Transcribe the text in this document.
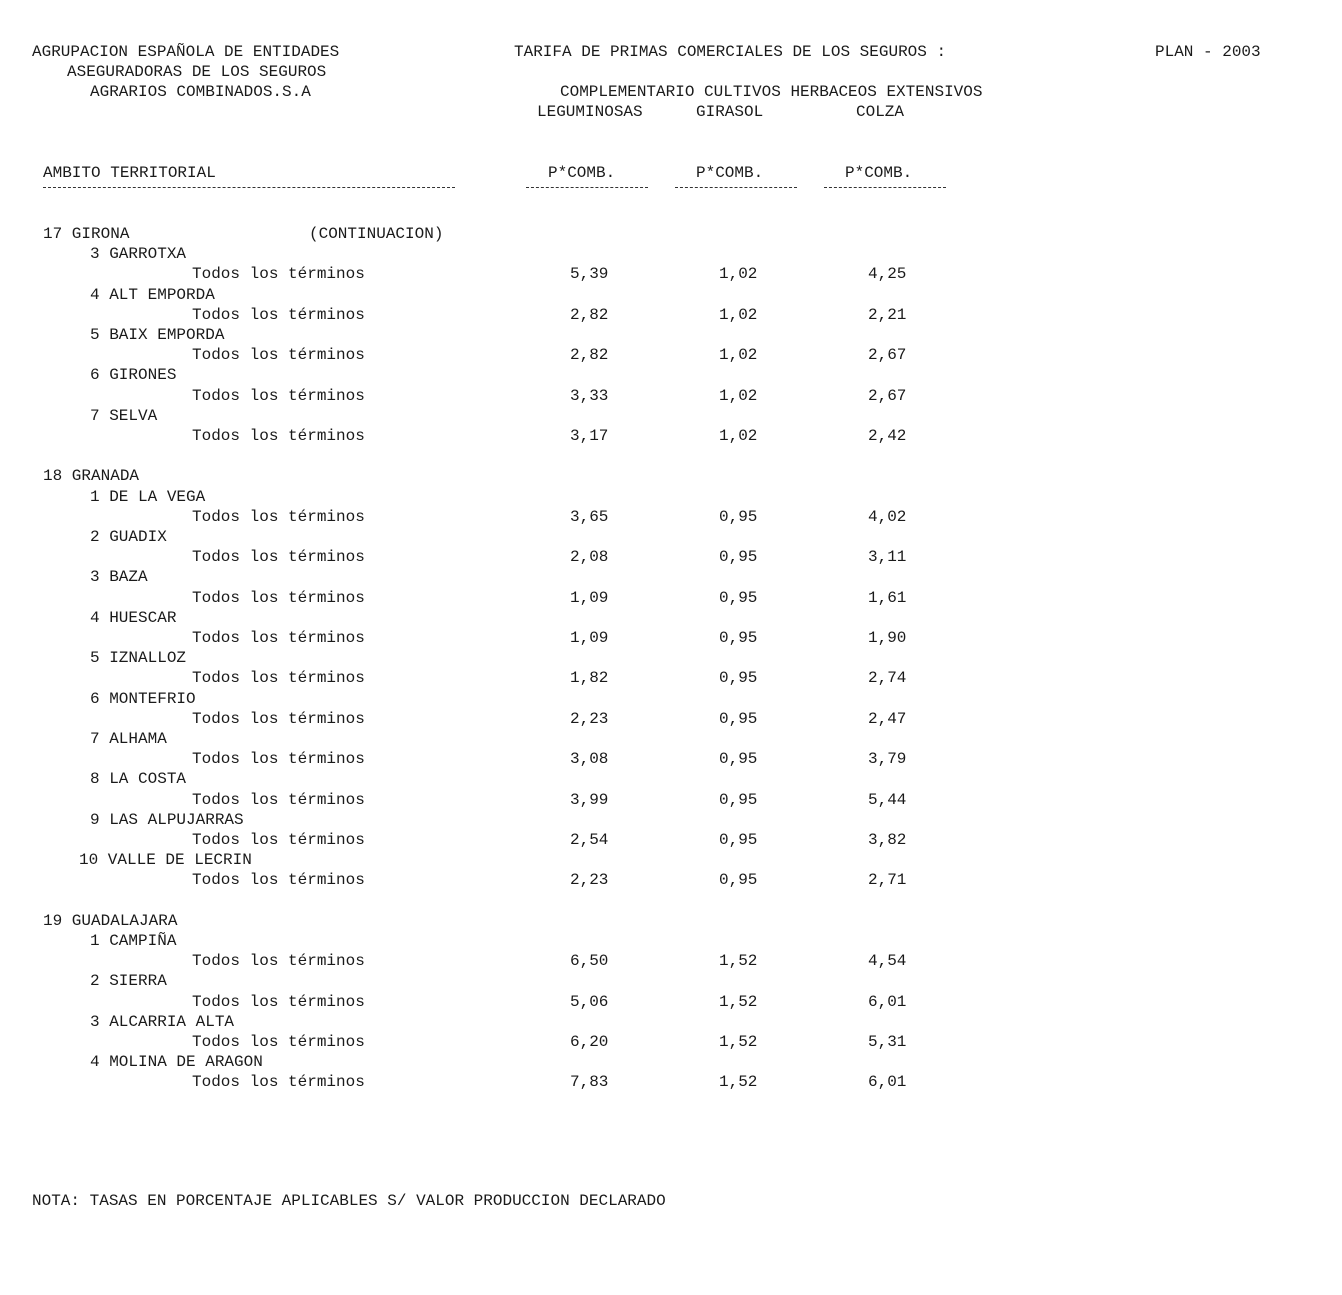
AGRUPACION ESPAÑOLA DE ENTIDADES
ASEGURADORAS DE LOS SEGUROS
AGRARIOS COMBINADOS.S.A
TARIFA DE PRIMAS COMERCIALES DE LOS SEGUROS :
COMPLEMENTARIO CULTIVOS HERBACEOS EXTENSIVOS
PLAN - 2003
LEGUMINOSAS	GIRASOL	COLZA
AMBITO TERRITORIAL	P*COMB.	P*COMB.	P*COMB.
17 GIRONA	(CONTINUACION)
3 GARROTXA
Todos los términos	5,39	1,02	4,25
4 ALT EMPORDA
Todos los términos	2,82	1,02	2,21
5 BAIX EMPORDA
Todos los términos	2,82	1,02	2,67
6 GIRONES
Todos los términos	3,33	1,02	2,67
7 SELVA
Todos los términos	3,17	1,02	2,42
18 GRANADA
1 DE LA VEGA
Todos los términos	3,65	0,95	4,02
2 GUADIX
Todos los términos	2,08	0,95	3,11
3 BAZA
Todos los términos	1,09	0,95	1,61
4 HUESCAR
Todos los términos	1,09	0,95	1,90
5 IZNALLOZ
Todos los términos	1,82	0,95	2,74
6 MONTEFRIO
Todos los términos	2,23	0,95	2,47
7 ALHAMA
Todos los términos	3,08	0,95	3,79
8 LA COSTA
Todos los términos	3,99	0,95	5,44
9 LAS ALPUJARRAS
Todos los términos	2,54	0,95	3,82
10 VALLE DE LECRIN
Todos los términos	2,23	0,95	2,71
19 GUADALAJARA
1 CAMPIÑA
Todos los términos	6,50	1,52	4,54
2 SIERRA
Todos los términos	5,06	1,52	6,01
3 ALCARRIA ALTA
Todos los términos	6,20	1,52	5,31
4 MOLINA DE ARAGON
Todos los términos	7,83	1,52	6,01
NOTA: TASAS EN PORCENTAJE APLICABLES S/ VALOR PRODUCCION DECLARADO
